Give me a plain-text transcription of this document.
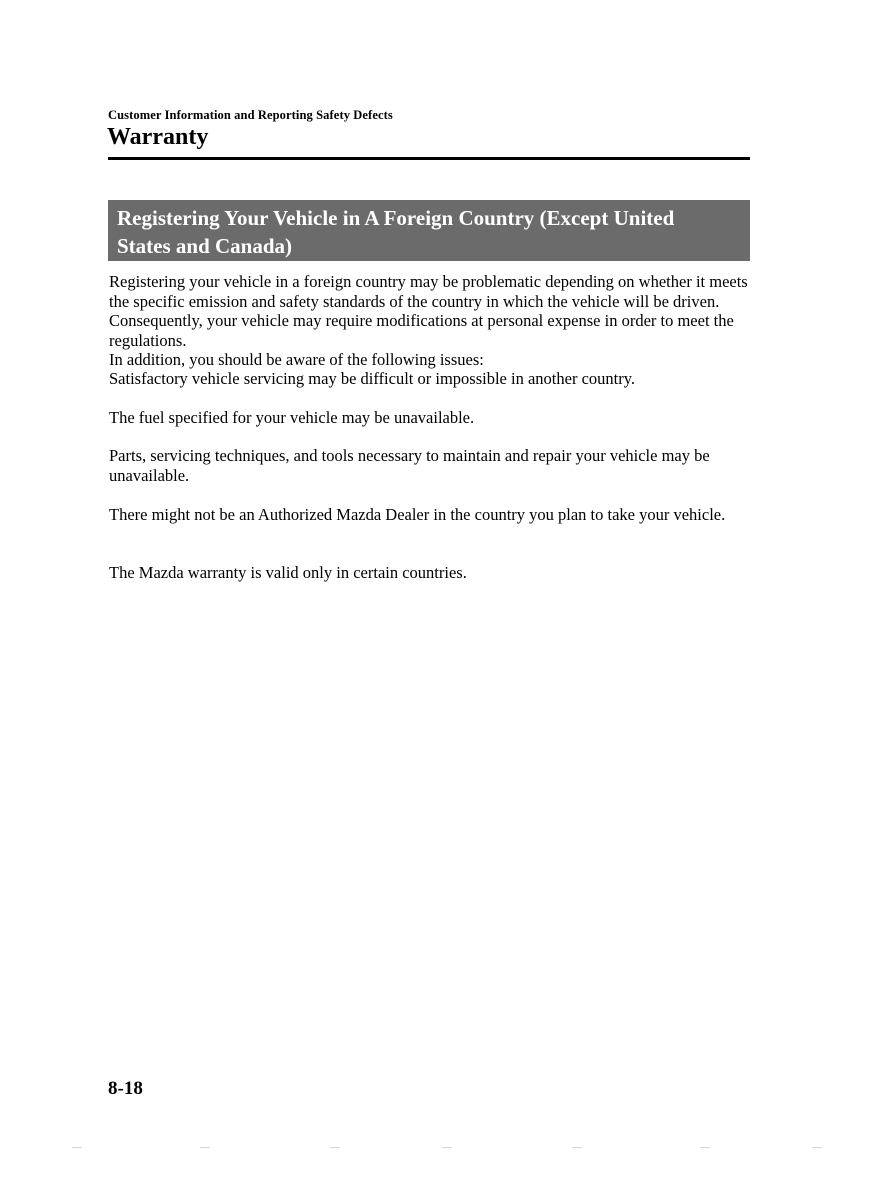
Customer Information and Reporting Safety Defects
Warranty
Registering Your Vehicle in A Foreign Country (Except United States and Canada)
Registering your vehicle in a foreign country may be problematic depending on whether it meets the specific emission and safety standards of the country in which the vehicle will be driven. Consequently, your vehicle may require modifications at personal expense in order to meet the regulations.
In addition, you should be aware of the following issues:
Satisfactory vehicle servicing may be difficult or impossible in another country.
The fuel specified for your vehicle may be unavailable.
Parts, servicing techniques, and tools necessary to maintain and repair your vehicle may be unavailable.
There might not be an Authorized Mazda Dealer in the country you plan to take your vehicle.
The Mazda warranty is valid only in certain countries.
8-18
